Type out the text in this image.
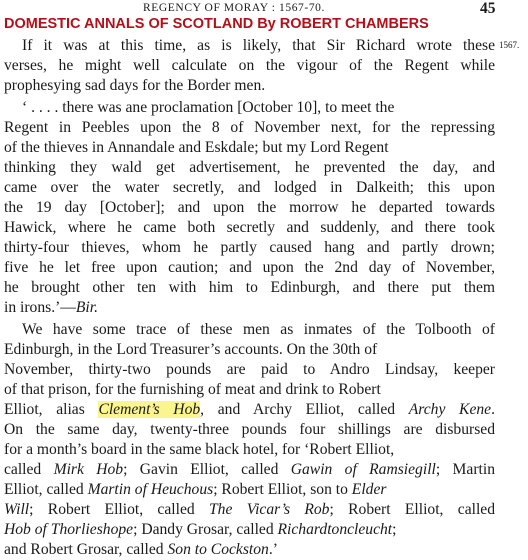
REGENCY OF MORAY : 1567-70.	45
DOMESTIC ANNALS OF SCOTLAND By ROBERT CHAMBERS
1567.
If it was at this time, as is likely, that Sir Richard wrote these
verses, he might well calculate on the vigour of the Regent while
prophesying sad days for the Border men.
‘ . . . . there was ane proclamation [October 10], to meet the
Regent in Peebles upon the 8 of November next, for the repressing
of the thieves in Annandale and Eskdale; but my Lord Regent
thinking they wald get advertisement, he prevented the day, and
came over the water secretly, and lodged in Dalkeith; this upon
the 19 day [October]; and upon the morrow he departed towards
Hawick, where he came both secretly and suddenly, and there took
thirty-four thieves, whom he partly caused hang and partly drown;
five he let free upon caution; and upon the 2nd day of November,
he brought other ten with him to Edinburgh, and there put them
in irons.’—Bir.
We have some trace of these men as inmates of the Tolbooth of
Edinburgh, in the Lord Treasurer’s accounts. On the 30th of
November, thirty-two pounds are paid to Andro Lindsay, keeper
of that prison, for the furnishing of meat and drink to Robert
Elliot, alias Clement’s Hob, and Archy Elliot, called Archy Kene.
On the same day, twenty-three pounds four shillings are disbursed
for a month’s board in the same black hotel, for ‘Robert Elliot,
called Mirk Hob; Gavin Elliot, called Gawin of Ramsiegill; Martin
Elliot, called Martin of Heuchous; Robert Elliot, son to Elder
Will; Robert Elliot, called The Vicar’s Rob; Robert Elliot, called
Hob of Thorlieshope; Dandy Grosar, called Richardtoncleucht;
and Robert Grosar, called Son to Cockston.’
